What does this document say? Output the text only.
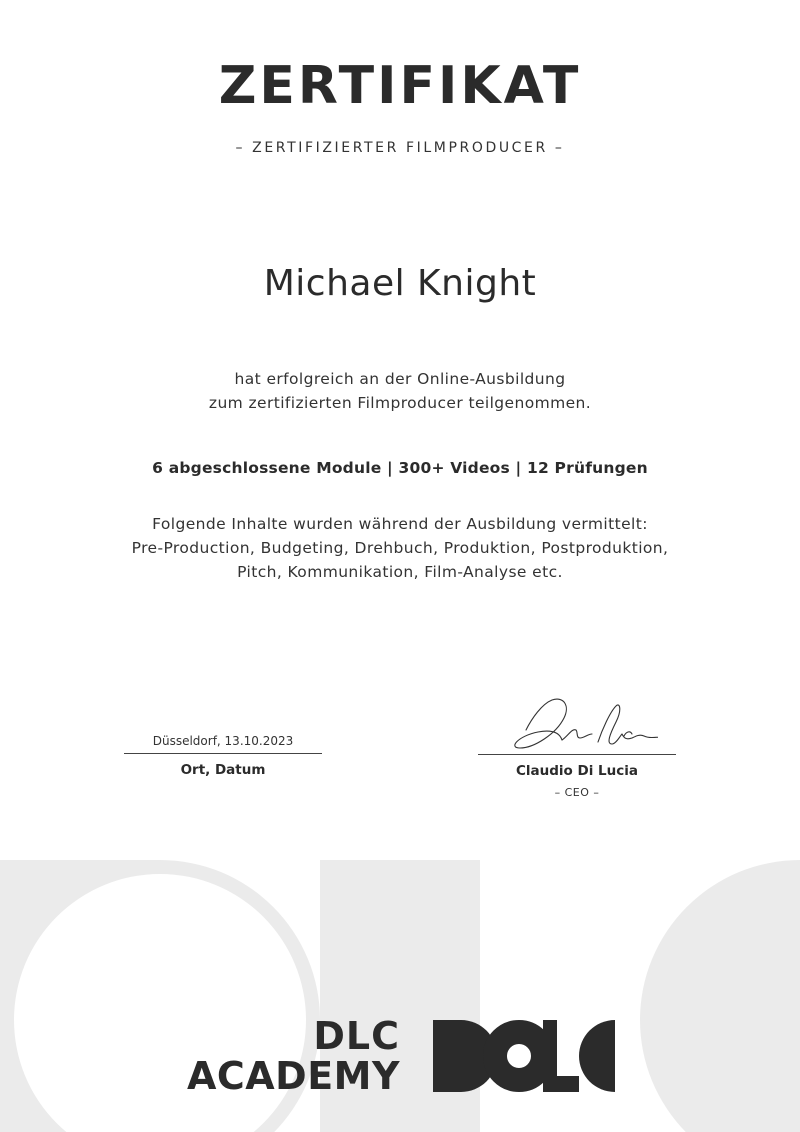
ZERTIFIKAT
– ZERTIFIZIERTER FILMPRODUCER –
Michael Knight
hat erfolgreich an der Online-Ausbildung
zum zertifizierten Filmproducer teilgenommen.
6 abgeschlossene Module | 300+ Videos | 12 Prüfungen
Folgende Inhalte wurden während der Ausbildung vermittelt:
Pre-Production, Budgeting, Drehbuch, Produktion, Postproduktion,
Pitch, Kommunikation, Film-Analyse etc.
Düsseldorf, 13.10.2023
Ort, Datum	Claudio Di Lucia
– CEO –
DLC
ACADEMY
